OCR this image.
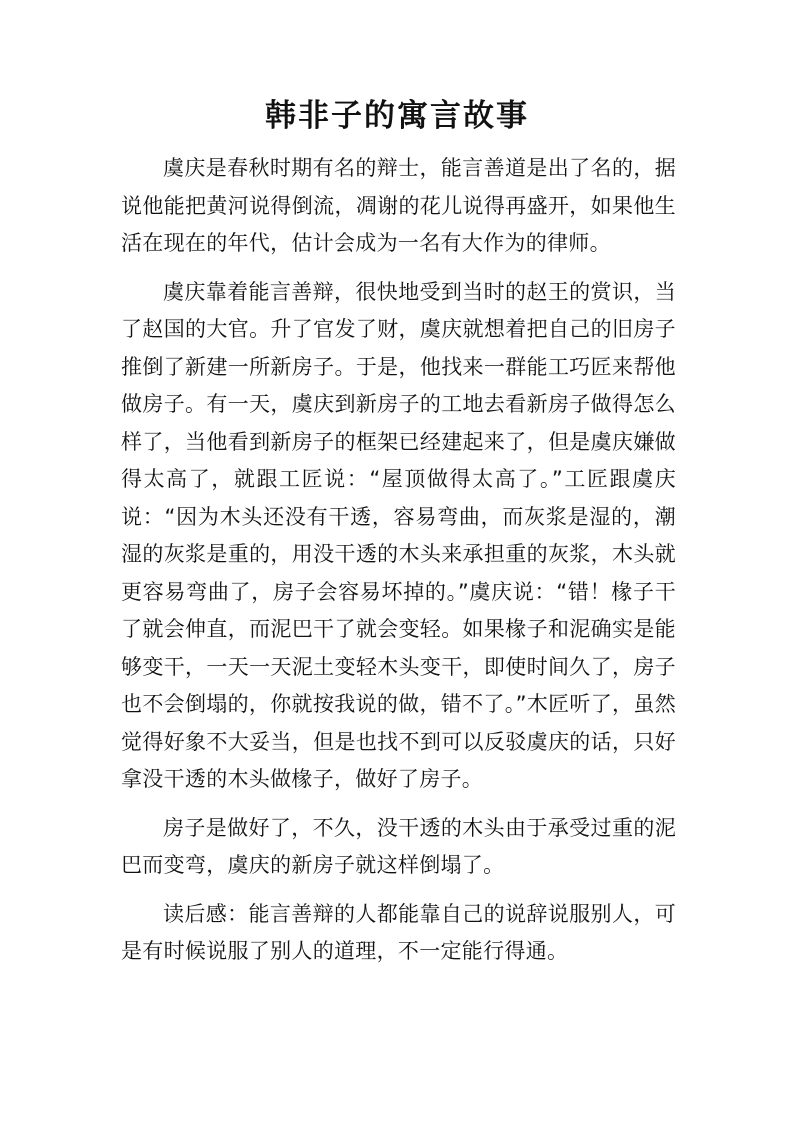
韩非子的寓言故事

虞庆是春秋时期有名的辩士，能言善道是出了名的，据说他能把黄河说得倒流，凋谢的花儿说得再盛开，如果他生活在现在的年代，估计会成为一名有大作为的律师。

虞庆靠着能言善辩，很快地受到当时的赵王的赏识，当了赵国的大官。升了官发了财，虞庆就想着把自己的旧房子推倒了新建一所新房子。于是，他找来一群能工巧匠来帮他做房子。有一天，虞庆到新房子的工地去看新房子做得怎么样了，当他看到新房子的框架已经建起来了，但是虞庆嫌做得太高了，就跟工匠说：“屋顶做得太高了。”工匠跟虞庆说：“因为木头还没有干透，容易弯曲，而灰浆是湿的，潮湿的灰浆是重的，用没干透的木头来承担重的灰浆，木头就更容易弯曲了，房子会容易坏掉的。”虞庆说：“错！椽子干了就会伸直，而泥巴干了就会变轻。如果椽子和泥确实是能够变干，一天一天泥土变轻木头变干，即使时间久了，房子也不会倒塌的，你就按我说的做，错不了。”木匠听了，虽然觉得好象不大妥当，但是也找不到可以反驳虞庆的话，只好拿没干透的木头做椽子，做好了房子。

房子是做好了，不久，没干透的木头由于承受过重的泥巴而变弯，虞庆的新房子就这样倒塌了。

读后感：能言善辩的人都能靠自己的说辞说服别人，可是有时候说服了别人的道理，不一定能行得通。
